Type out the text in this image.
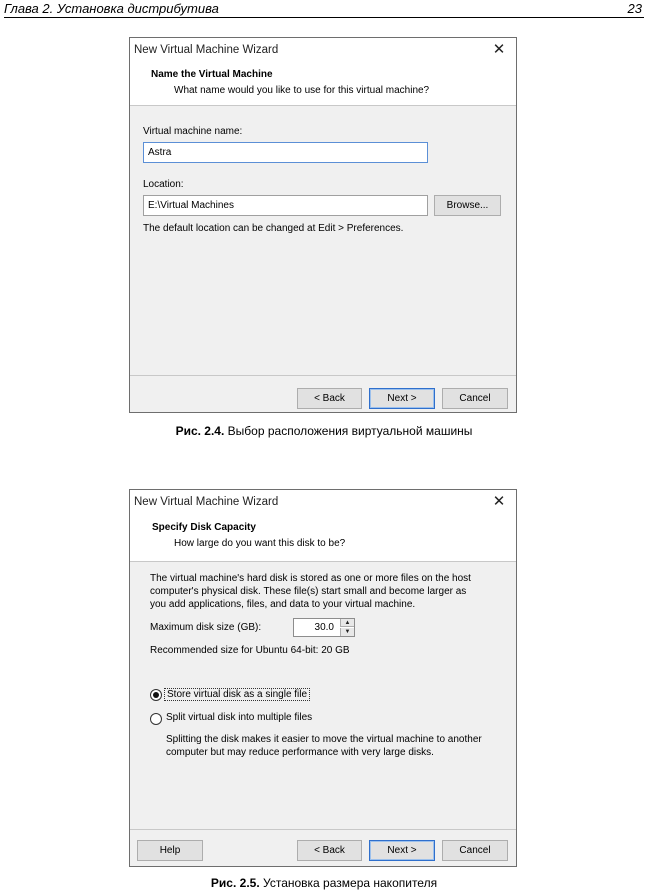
Глава 2. Установка дистрибутива	23
New Virtual Machine Wizard	✕
Name the Virtual Machine
What name would you like to use for this virtual machine?
Virtual machine name:
Astra
Location:
E:\Virtual Machines	Browse...
The default location can be changed at Edit > Preferences.
< Back	Next >	Cancel
Рис. 2.4. Выбор расположения виртуальной машины
New Virtual Machine Wizard	✕
Specify Disk Capacity
How large do you want this disk to be?
The virtual machine's hard disk is stored as one or more files on the host
computer's physical disk. These file(s) start small and become larger as
you add applications, files, and data to your virtual machine.
Maximum disk size (GB):	30.0	▲
▼
Recommended size for Ubuntu 64-bit: 20 GB
Store virtual disk as a single file
Split virtual disk into multiple files
Splitting the disk makes it easier to move the virtual machine to another
computer but may reduce performance with very large disks.
Help	< Back	Next >	Cancel
Рис. 2.5. Установка размера накопителя
